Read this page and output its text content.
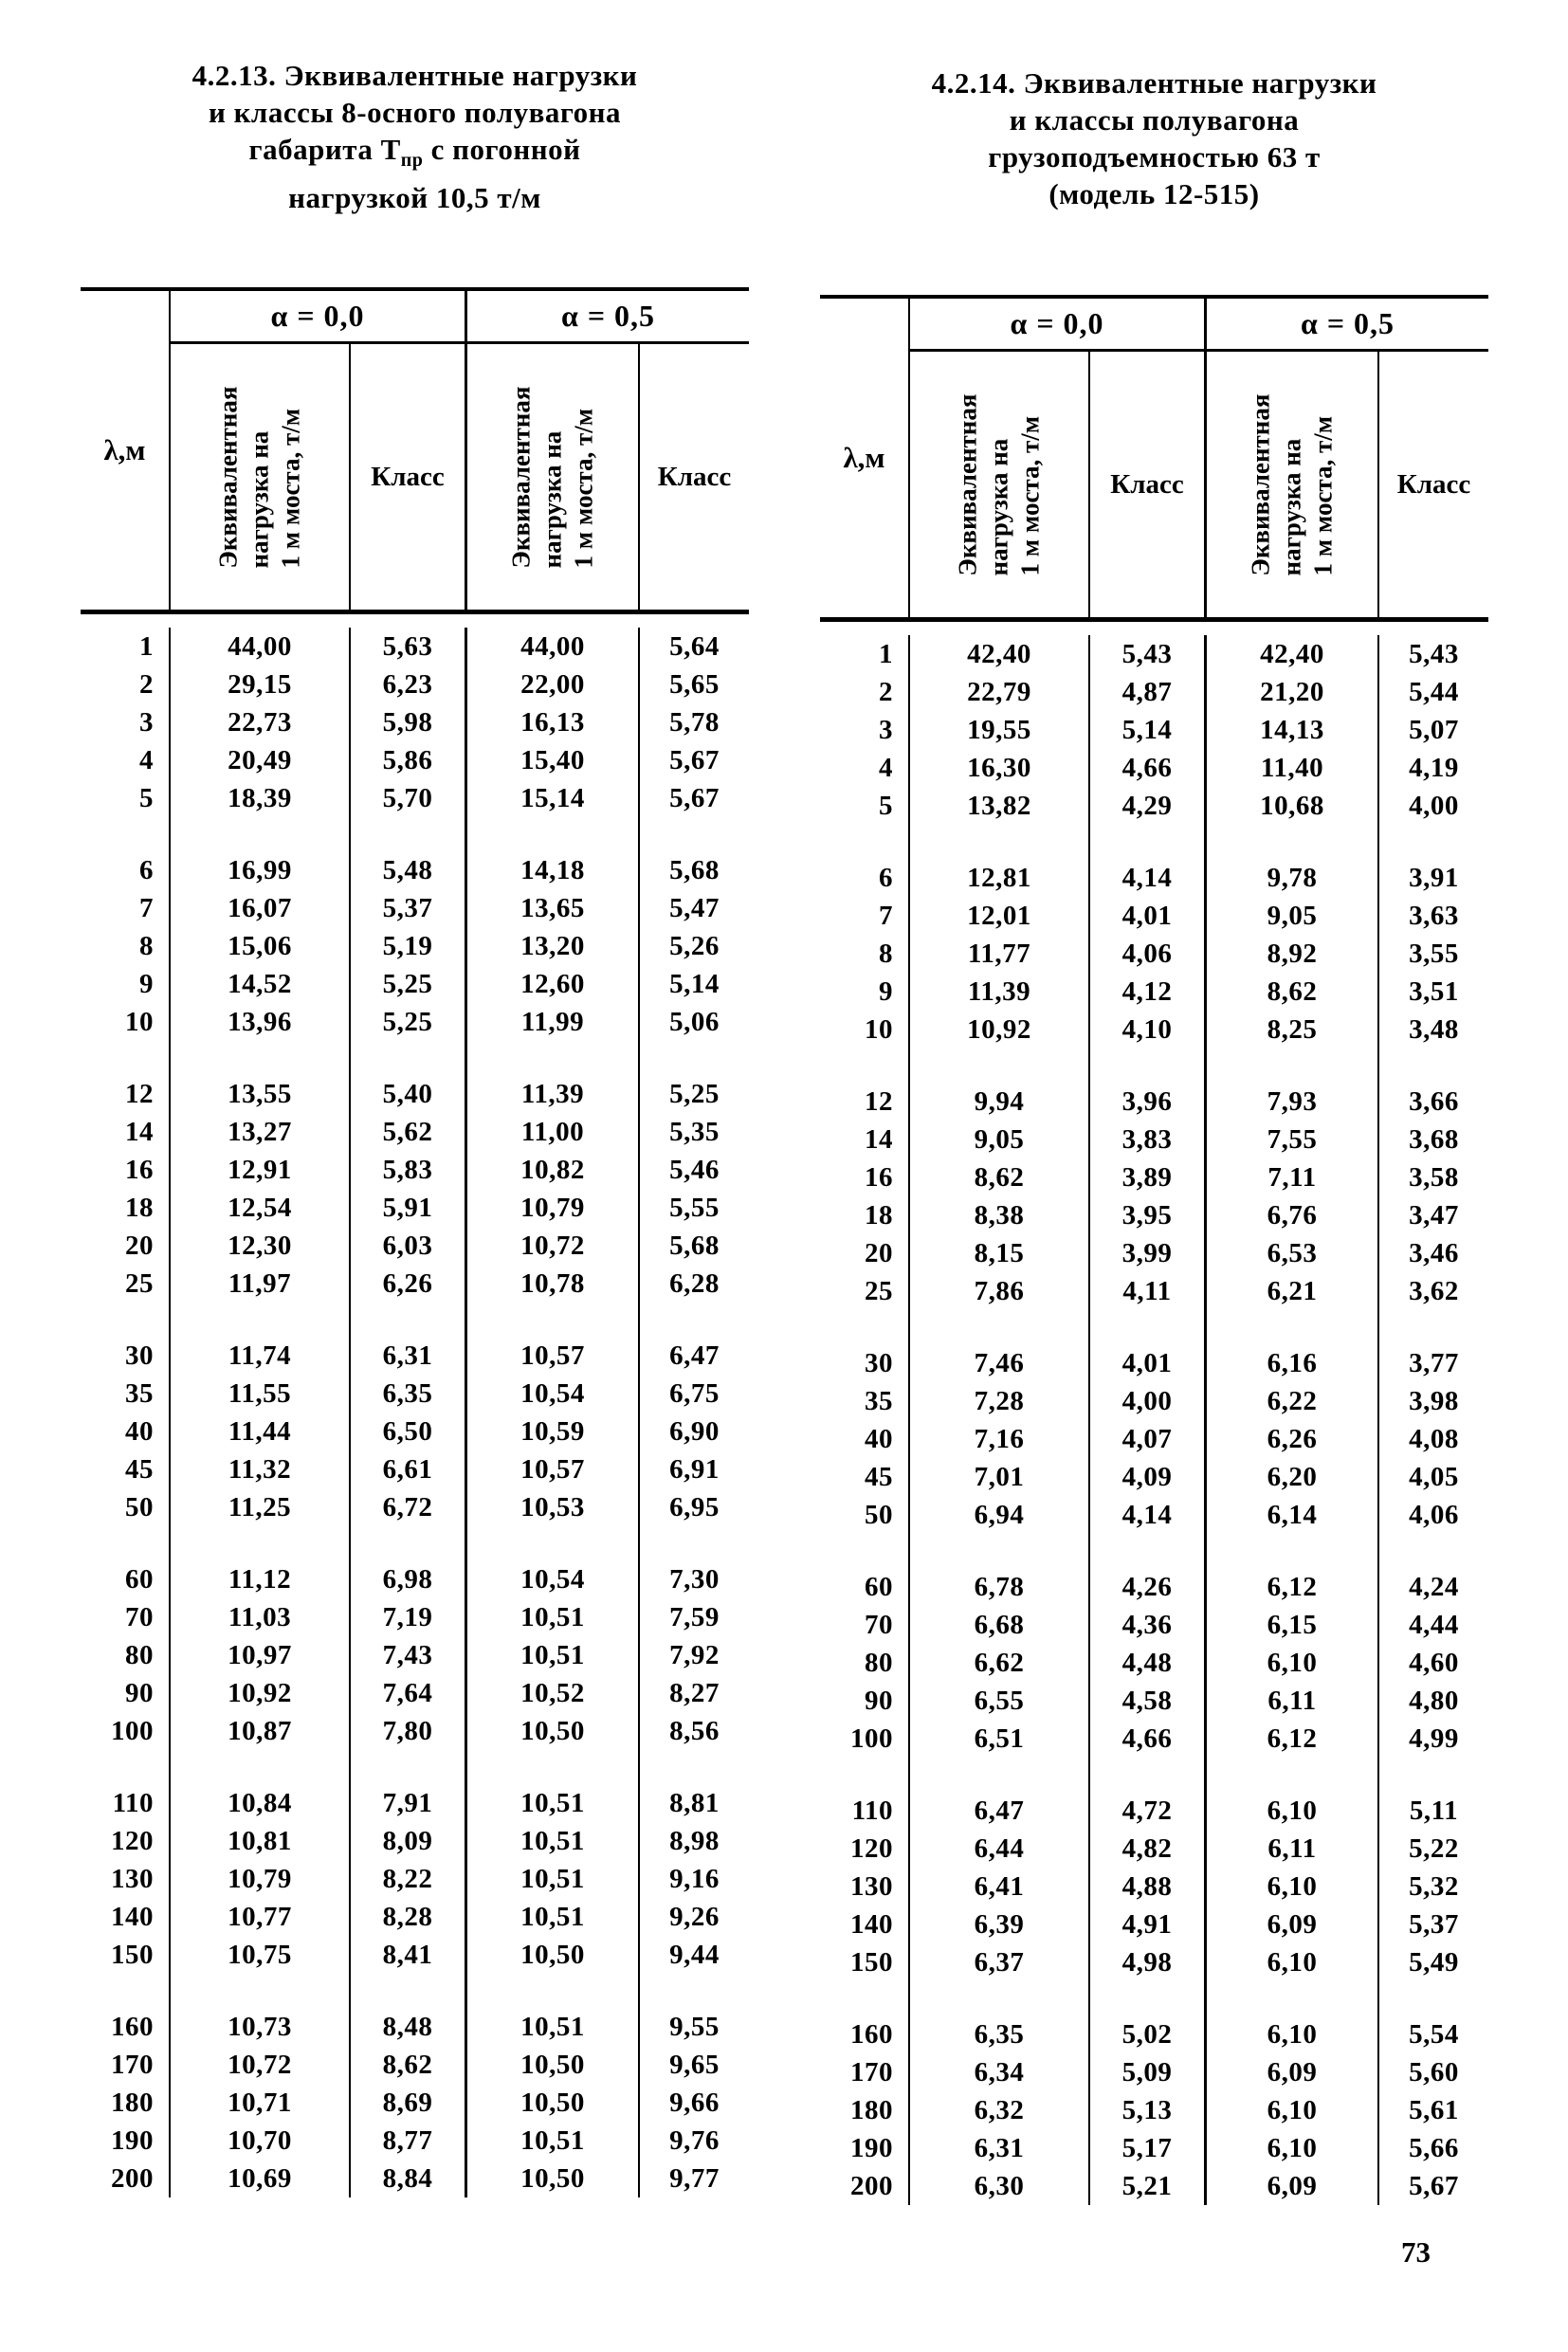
4.2.13. Эквивалентные нагрузки
и классы 8-осного полувагона
габарита $Т_{пр}$ с погонной
нагрузкой 10,5 т/м
λ,м
α = 0,0	α = 0,5
Эквивалентная нагрузка на 1 м моста, т/м	Класс	Эквивалентная нагрузка на 1 м моста, т/м	Класс
1	44,00	5,63	44,00	5,64
2	29,15	6,23	22,00	5,65
3	22,73	5,98	16,13	5,78
4	20,49	5,86	15,40	5,67
5	18,39	5,70	15,14	5,67
6	16,99	5,48	14,18	5,68
7	16,07	5,37	13,65	5,47
8	15,06	5,19	13,20	5,26
9	14,52	5,25	12,60	5,14
10	13,96	5,25	11,99	5,06
12	13,55	5,40	11,39	5,25
14	13,27	5,62	11,00	5,35
16	12,91	5,83	10,82	5,46
18	12,54	5,91	10,79	5,55
20	12,30	6,03	10,72	5,68
25	11,97	6,26	10,78	6,28
30	11,74	6,31	10,57	6,47
35	11,55	6,35	10,54	6,75
40	11,44	6,50	10,59	6,90
45	11,32	6,61	10,57	6,91
50	11,25	6,72	10,53	6,95
60	11,12	6,98	10,54	7,30
70	11,03	7,19	10,51	7,59
80	10,97	7,43	10,51	7,92
90	10,92	7,64	10,52	8,27
100	10,87	7,80	10,50	8,56
110	10,84	7,91	10,51	8,81
120	10,81	8,09	10,51	8,98
130	10,79	8,22	10,51	9,16
140	10,77	8,28	10,51	9,26
150	10,75	8,41	10,50	9,44
160	10,73	8,48	10,51	9,55
170	10,72	8,62	10,50	9,65
180	10,71	8,69	10,50	9,66
190	10,70	8,77	10,51	9,76
200	10,69	8,84	10,50	9,77
4.2.14. Эквивалентные нагрузки
и классы полувагона
грузоподъемностью 63 т
(модель 12-515)
λ,м
α = 0,0	α = 0,5
Эквивалентная нагрузка на 1 м моста, т/м	Класс	Эквивалентная нагрузка на 1 м моста, т/м	Класс
1	42,40	5,43	42,40	5,43
2	22,79	4,87	21,20	5,44
3	19,55	5,14	14,13	5,07
4	16,30	4,66	11,40	4,19
5	13,82	4,29	10,68	4,00
6	12,81	4,14	9,78	3,91
7	12,01	4,01	9,05	3,63
8	11,77	4,06	8,92	3,55
9	11,39	4,12	8,62	3,51
10	10,92	4,10	8,25	3,48
12	9,94	3,96	7,93	3,66
14	9,05	3,83	7,55	3,68
16	8,62	3,89	7,11	3,58
18	8,38	3,95	6,76	3,47
20	8,15	3,99	6,53	3,46
25	7,86	4,11	6,21	3,62
30	7,46	4,01	6,16	3,77
35	7,28	4,00	6,22	3,98
40	7,16	4,07	6,26	4,08
45	7,01	4,09	6,20	4,05
50	6,94	4,14	6,14	4,06
60	6,78	4,26	6,12	4,24
70	6,68	4,36	6,15	4,44
80	6,62	4,48	6,10	4,60
90	6,55	4,58	6,11	4,80
100	6,51	4,66	6,12	4,99
110	6,47	4,72	6,10	5,11
120	6,44	4,82	6,11	5,22
130	6,41	4,88	6,10	5,32
140	6,39	4,91	6,09	5,37
150	6,37	4,98	6,10	5,49
160	6,35	5,02	6,10	5,54
170	6,34	5,09	6,09	5,60
180	6,32	5,13	6,10	5,61
190	6,31	5,17	6,10	5,66
200	6,30	5,21	6,09	5,67
73
